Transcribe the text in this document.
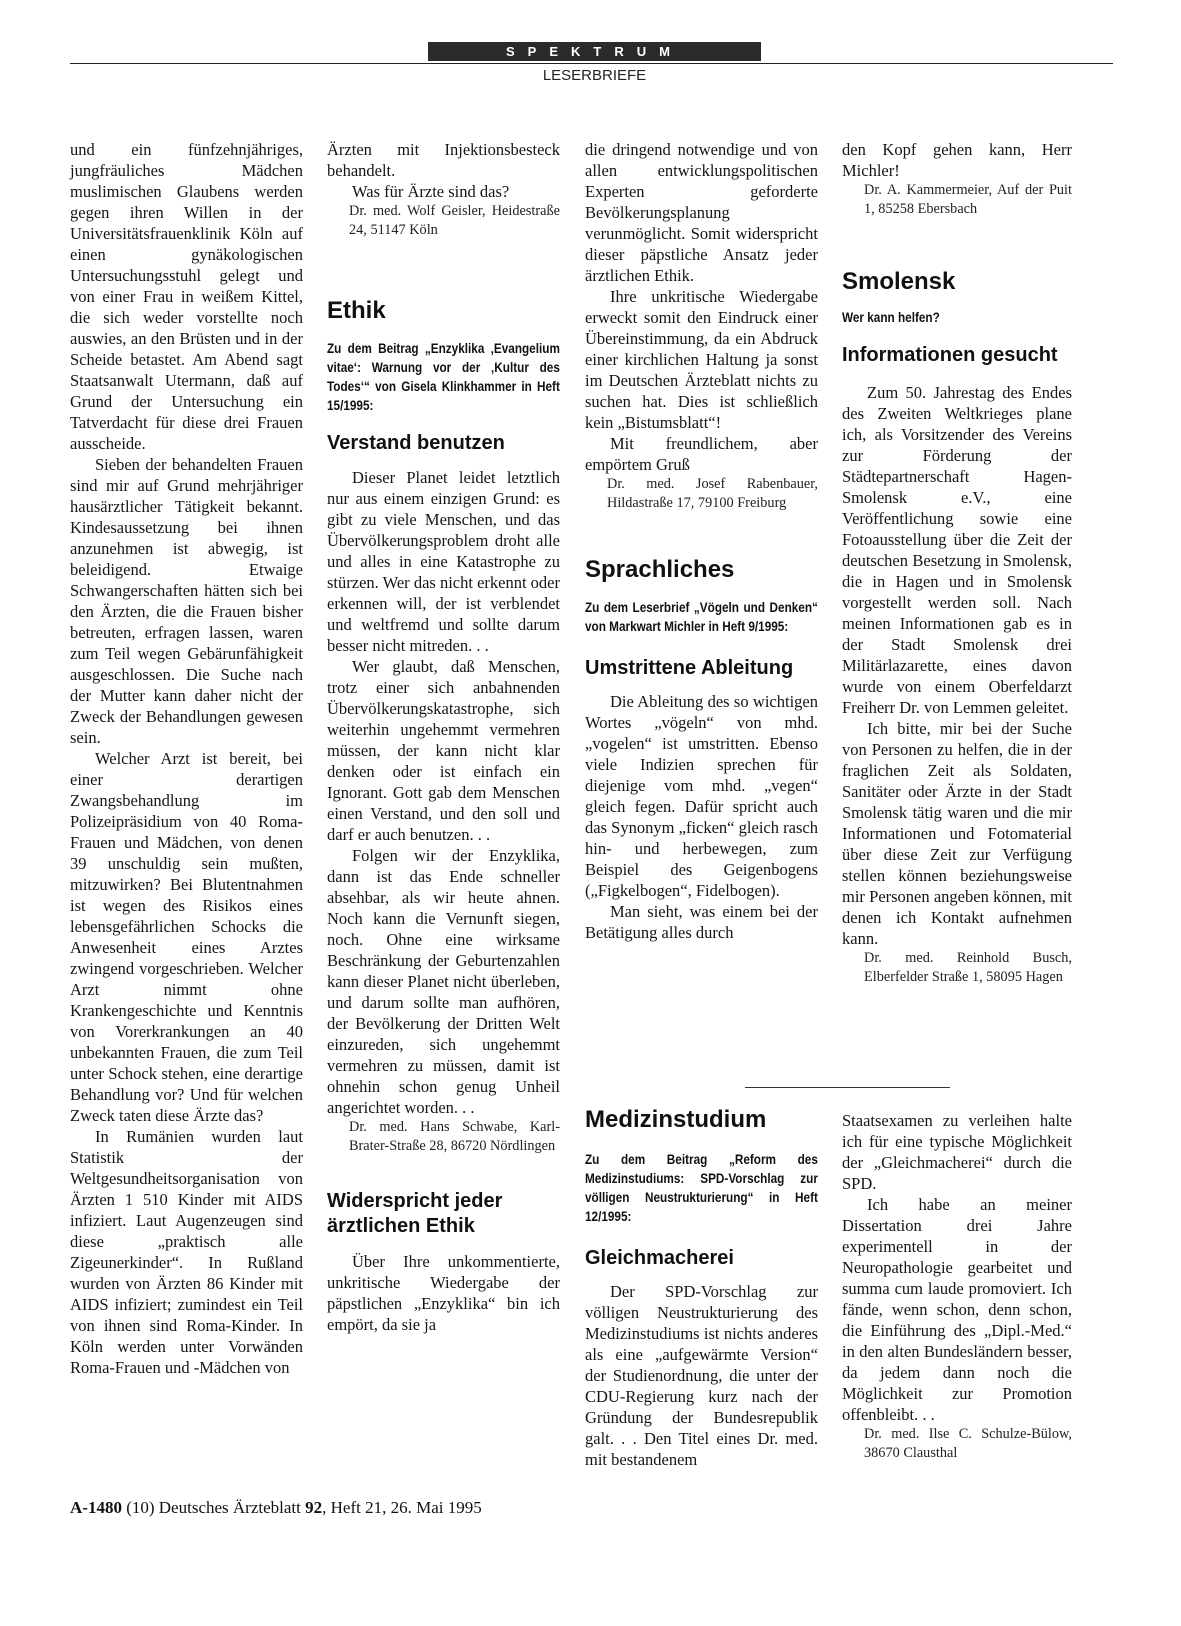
SPEKTRUM
LESERBRIEFE

und ein fünfzehnjähriges, jungfräuliches Mädchen muslimischen Glaubens werden gegen ihren Willen in der Universitätsfrauenklinik Köln auf einen gynäkologischen Untersuchungsstuhl gelegt und von einer Frau in weißem Kittel, die sich weder vorstellte noch auswies, an den Brüsten und in der Scheide betastet. Am Abend sagt Staatsanwalt Utermann, daß auf Grund der Untersuchung ein Tatverdacht für diese drei Frauen ausscheide.

Sieben der behandelten Frauen sind mir auf Grund mehrjähriger hausärztlicher Tätigkeit bekannt. Kindesaussetzung bei ihnen anzunehmen ist abwegig, ist beleidigend. Etwaige Schwangerschaften hätten sich bei den Ärzten, die die Frauen bisher betreuten, erfragen lassen, waren zum Teil wegen Gebärunfähigkeit ausgeschlossen. Die Suche nach der Mutter kann daher nicht der Zweck der Behandlungen gewesen sein.

Welcher Arzt ist bereit, bei einer derartigen Zwangsbehandlung im Polizeipräsidium von 40 Roma-Frauen und Mädchen, von denen 39 unschuldig sein mußten, mitzuwirken? Bei Blutentnahmen ist wegen des Risikos eines lebensgefährlichen Schocks die Anwesenheit eines Arztes zwingend vorgeschrieben. Welcher Arzt nimmt ohne Krankengeschichte und Kenntnis von Vorerkrankungen an 40 unbekannten Frauen, die zum Teil unter Schock stehen, eine derartige Behandlung vor? Und für welchen Zweck taten diese Ärzte das?

In Rumänien wurden laut Statistik der Weltgesundheitsorganisation von Ärzten 1 510 Kinder mit AIDS infiziert. Laut Augenzeugen sind diese „praktisch alle Zigeunerkinder“. In Rußland wurden von Ärzten 86 Kinder mit AIDS infiziert; zumindest ein Teil von ihnen sind Roma-Kinder. In Köln werden unter Vorwänden Roma-Frauen und -Mädchen von

Ärzten mit Injektionsbesteck behandelt.

Was für Ärzte sind das?

Dr. med. Wolf Geisler, Heidestraße 24, 51147 Köln

Ethik

Zu dem Beitrag „Enzyklika ‚Evangelium vitae‘: Warnung vor der ‚Kultur des Todes‘“ von Gisela Klinkhammer in Heft 15/1995:

Verstand benutzen

Dieser Planet leidet letztlich nur aus einem einzigen Grund: es gibt zu viele Menschen, und das Übervölkerungsproblem droht alle und alles in eine Katastrophe zu stürzen. Wer das nicht erkennt oder erkennen will, der ist verblendet und weltfremd und sollte darum besser nicht mitreden. . .

Wer glaubt, daß Menschen, trotz einer sich anbahnenden Übervölkerungskatastrophe, sich weiterhin ungehemmt vermehren müssen, der kann nicht klar denken oder ist einfach ein Ignorant. Gott gab dem Menschen einen Verstand, und den soll und darf er auch benutzen. . .

Folgen wir der Enzyklika, dann ist das Ende schneller absehbar, als wir heute ahnen. Noch kann die Vernunft siegen, noch. Ohne eine wirksame Beschränkung der Geburtenzahlen kann dieser Planet nicht überleben, und darum sollte man aufhören, der Bevölkerung der Dritten Welt einzureden, sich ungehemmt vermehren zu müssen, damit ist ohnehin schon genug Unheil angerichtet worden. . .

Dr. med. Hans Schwabe, Karl-Brater-Straße 28, 86720 Nördlingen

Widerspricht jeder ärztlichen Ethik

Über Ihre unkommentierte, unkritische Wiedergabe der päpstlichen „Enzyklika“ bin ich empört, da sie ja

die dringend notwendige und von allen entwicklungspolitischen Experten geforderte Bevölkerungsplanung verunmöglicht. Somit widerspricht dieser päpstliche Ansatz jeder ärztlichen Ethik.

Ihre unkritische Wiedergabe erweckt somit den Eindruck einer Übereinstimmung, da ein Abdruck einer kirchlichen Haltung ja sonst im Deutschen Ärzteblatt nichts zu suchen hat. Dies ist schließlich kein „Bistumsblatt“!

Mit freundlichem, aber empörtem Gruß

Dr. med. Josef Rabenbauer, Hildastraße 17, 79100 Freiburg

Sprachliches

Zu dem Leserbrief „Vögeln und Denken“ von Markwart Michler in Heft 9/1995:

Umstrittene Ableitung

Die Ableitung des so wichtigen Wortes „vögeln“ von mhd. „vogelen“ ist umstritten. Ebenso viele Indizien sprechen für diejenige vom mhd. „vegen“ gleich fegen. Dafür spricht auch das Synonym „ficken“ gleich rasch hin- und herbewegen, zum Beispiel des Geigenbogens („Figkelbogen“, Fidelbogen).

Man sieht, was einem bei der Betätigung alles durch

den Kopf gehen kann, Herr Michler!

Dr. A. Kammermeier, Auf der Puit 1, 85258 Ebersbach

Smolensk

Wer kann helfen?

Informationen gesucht

Zum 50. Jahrestag des Endes des Zweiten Weltkrieges plane ich, als Vorsitzender des Vereins zur Förderung der Städtepartnerschaft Hagen-Smolensk e.V., eine Veröffentlichung sowie eine Fotoausstellung über die Zeit der deutschen Besetzung in Smolensk, die in Hagen und in Smolensk vorgestellt werden soll. Nach meinen Informationen gab es in der Stadt Smolensk drei Militärlazarette, eines davon wurde von einem Oberfeldarzt Freiherr Dr. von Lemmen geleitet.

Ich bitte, mir bei der Suche von Personen zu helfen, die in der fraglichen Zeit als Soldaten, Sanitäter oder Ärzte in der Stadt Smolensk tätig waren und die mir Informationen und Fotomaterial über diese Zeit zur Verfügung stellen können beziehungsweise mir Personen angeben können, mit denen ich Kontakt aufnehmen kann.

Dr. med. Reinhold Busch, Elberfelder Straße 1, 58095 Hagen

Medizinstudium

Zu dem Beitrag „Reform des Medizinstudiums: SPD-Vorschlag zur völligen Neustrukturierung“ in Heft 12/1995:

Gleichmacherei

Der SPD-Vorschlag zur völligen Neustrukturierung des Medizinstudiums ist nichts anderes als eine „aufgewärmte Version“ der Studienordnung, die unter der CDU-Regierung kurz nach der Gründung der Bundesrepublik galt. . . Den Titel eines Dr. med. mit bestandenem

Staatsexamen zu verleihen halte ich für eine typische Möglichkeit der „Gleichmacherei“ durch die SPD.

Ich habe an meiner Dissertation drei Jahre experimentell in der Neuropathologie gearbeitet und summa cum laude promoviert. Ich fände, wenn schon, denn schon, die Einführung des „Dipl.-Med.“ in den alten Bundesländern besser, da jedem dann noch die Möglichkeit zur Promotion offenbleibt. . .

Dr. med. Ilse C. Schulze-Bülow, 38670 Clausthal

A-1480 (10) Deutsches Ärzteblatt 92, Heft 21, 26. Mai 1995
